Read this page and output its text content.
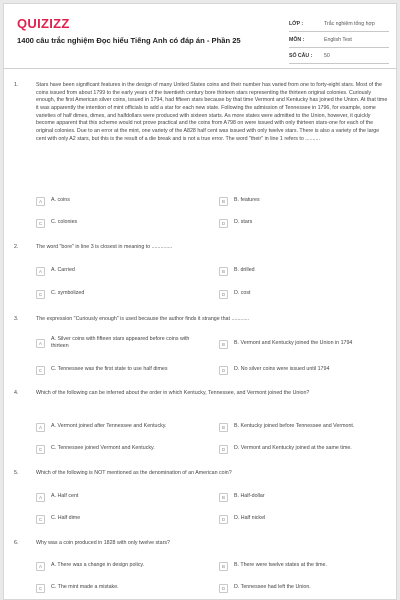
QUIZIZZ
1400 câu trắc nghiệm Đọc hiểu Tiếng Anh có đáp án - Phần 25
LỚP :	Trắc nghiệm tổng hợp
MÔN :	English Test
SỐ CÂU :	50
1.	Stars have been significant features in the design of many United States coins and their number has varied from one to forty-eight stars. Most of the coins issued from about 1799 to the early years of the twentieth century bore thirteen stars representing the thirteen original colonies. Curiously enough, the first American silver coins, issued in 1794, had fifteen stars because by that time Vermont and Kentucky has joined the Union. At that time it was apparently the intention of mint officials to add a star for each new state. Following the admission of Tennessee in 1796, for example, some varieties of half dimes, dimes, and halfdollars were produced with sixteen starts. As more states were admitted to the Union, however, it quickly become apparent that this scheme would not prove practical and the coins from A798 on were issued with only thirteen stars-one for each of the original colonies. Due to an error at the mint, one variety of the A828 half cent was issued with only twelve stars. There is also a variety of the large cent with only A2 stars, but this is the result of a die break and is not a true error. The word "their" in line 1 refers to ..........
A	A. coins	B	B. features
C	C. colonies	D	D. stars
2.	The word "bore" in line 3 is closest in meaning to ..............
A	A. Carried	B	B. drilled
C	C. symbolized	D	D. cost
3.	The expression "Curiously enough" is used because the author finds it strange that ............
A
A. Silver coins with fifteen stars appeared before coins with thirteen	B	B. Vermont and Kentucky joined the Union in 1794
C	C. Tennessee was the first state to use half dimes	D	D. No silver coins were issued until 1794
4.	Which of the following can be inferred about the order in which Kentucky, Tennessee, and Vermont joined the Union?
A	A. Vermont joined after Tennessee and Kentucky.	B	B. Kentucky joined before Tennessee and Vermont.
C	C. Tennessee joined Vermont and Kentucky.	D	D. Vermont and Kentucky joined at the same time.
5.	Which of the following is NOT mentioned as the denomination of an American coin?
A	A. Half cent	B	B. Half-dollar
C	C. Half dime	D	D. Half nickel
6.	Why was a coin produced in 1828 with only twelve stars?
A	A. There was a change in design policy.	B	B. There were twelve states at the time.
C	C. The mint made a mistake.	D	D. Tennessee had left the Union.
